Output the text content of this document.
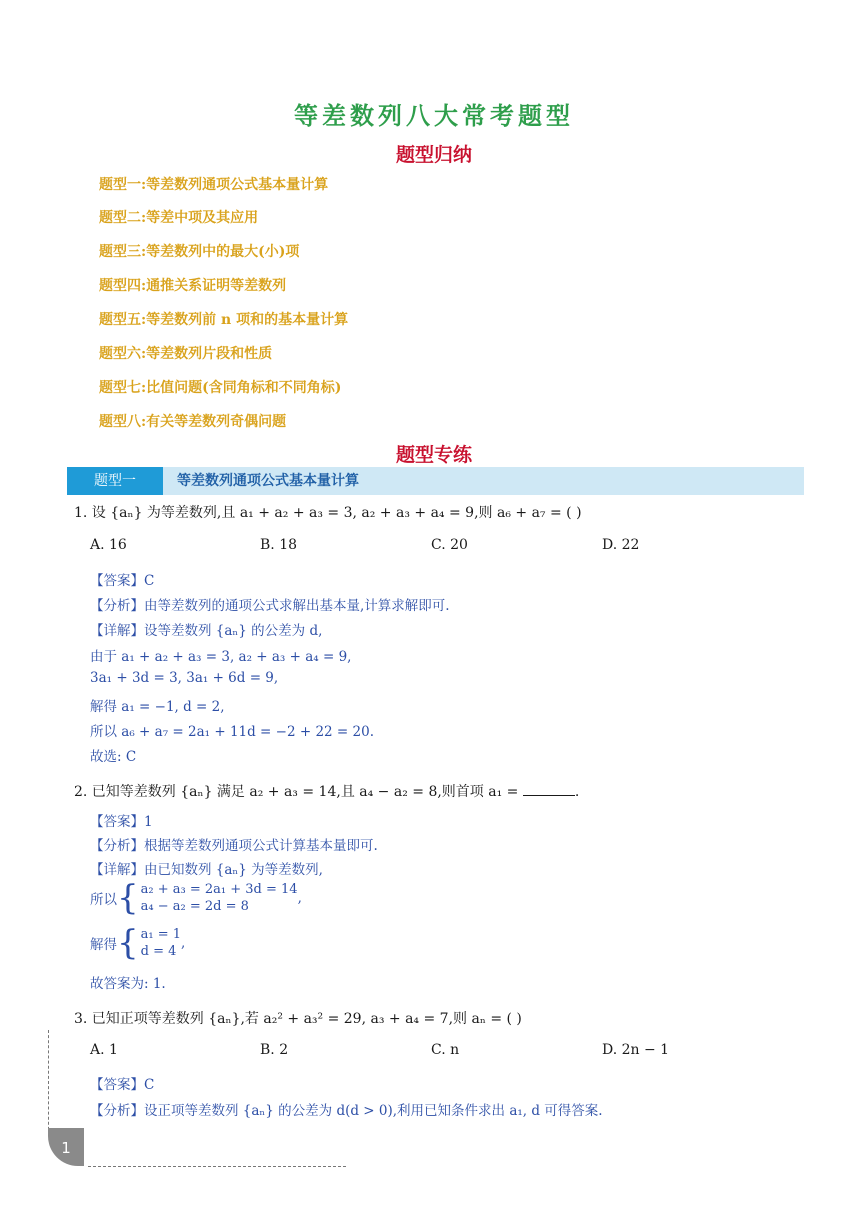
等差数列八大常考题型
题型归纳
题型一:等差数列通项公式基本量计算
题型二:等差中项及其应用
题型三:等差数列中的最大(小)项
题型四:通推关系证明等差数列
题型五:等差数列前 n 项和的基本量计算
题型六:等差数列片段和性质
题型七:比值问题(含同角标和不同角标)
题型八:有关等差数列奇偶问题
题型专练
题型一	等差数列通项公式基本量计算
1. 设 {aₙ} 为等差数列,且 a₁ + a₂ + a₃ = 3, a₂ + a₃ + a₄ = 9,则 a₆ + a₇ = ( )
A. 16	B. 18	C. 20	D. 22
【答案】C
【分析】由等差数列的通项公式求解出基本量,计算求解即可.
【详解】设等差数列 {aₙ} 的公差为 d,
由于 a₁ + a₂ + a₃ = 3, a₂ + a₃ + a₄ = 9,
3a₁ + 3d = 3, 3a₁ + 6d = 9,
解得 a₁ = −1, d = 2,
所以 a₆ + a₇ = 2a₁ + 11d = −2 + 22 = 20.
故选: C
2. 已知等差数列 {aₙ} 满足 a₂ + a₃ = 14,且 a₄ − a₂ = 8,则首项 a₁ =	.
【答案】1
【分析】根据等差数列通项公式计算基本量即可.
【详解】由已知数列 {aₙ} 为等差数列,
所以 { a₂ + a₃ = 2a₁ + 3d = 14
a₄ − a₂ = 2d = 8
,
解得 { a₁ = 1
d = 4
,
故答案为: 1.
3. 已知正项等差数列 {aₙ},若 a₂² + a₃² = 29, a₃ + a₄ = 7,则 aₙ = ( )
A. 1	B. 2	C. n	D. 2n − 1
【答案】C
【分析】设正项等差数列 {aₙ} 的公差为 d(d > 0),利用已知条件求出 a₁, d 可得答案.
1
